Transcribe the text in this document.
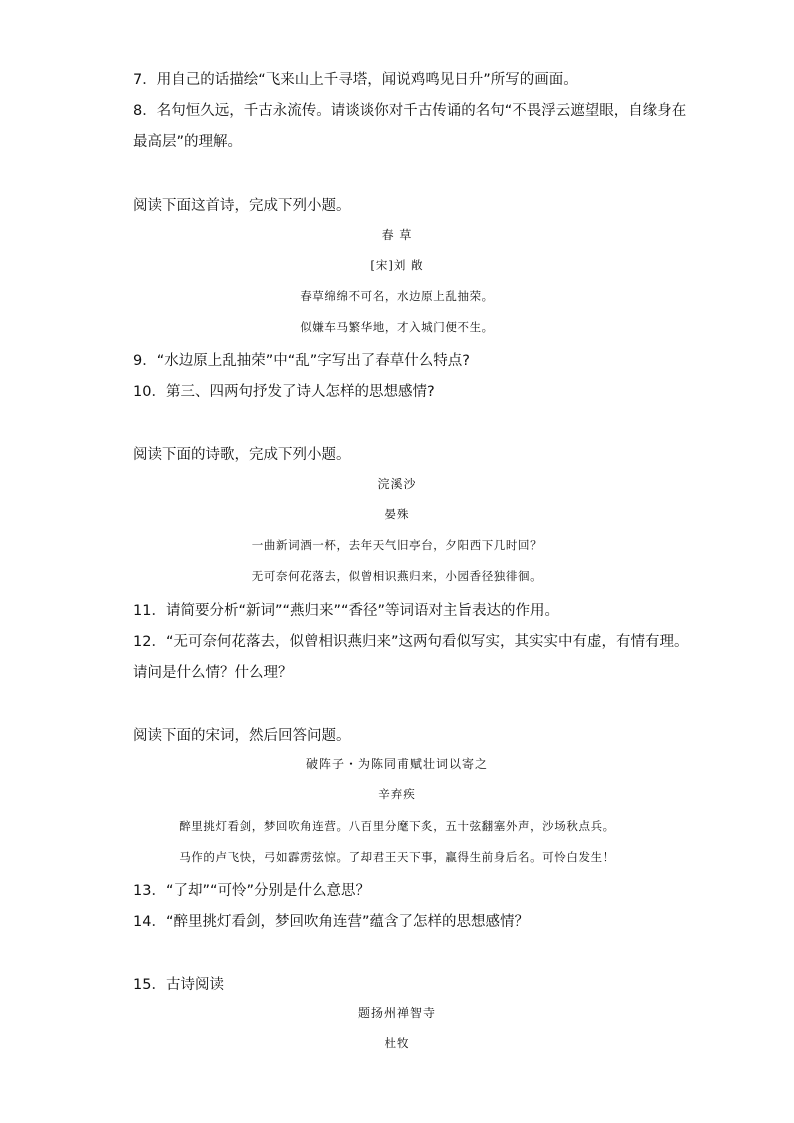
7．用自己的话描绘“飞来山上千寻塔，闻说鸡鸣见日升”所写的画面。
8．名句恒久远，千古永流传。请谈谈你对千古传诵的名句“不畏浮云遮望眼，自缘身在
最高层”的理解。
阅读下面这首诗，完成下列小题。
春 草
[宋]刘 敞
春草绵绵不可名，水边原上乱抽荣。
似嫌车马繁华地，才入城门便不生。
9．“水边原上乱抽荣”中“乱”字写出了春草什么特点?
10．第三、四两句抒发了诗人怎样的思想感情?
阅读下面的诗歌，完成下列小题。
浣溪沙
晏殊
一曲新词酒一杯，去年天气旧亭台，夕阳西下几时回？
无可奈何花落去，似曾相识燕归来，小园香径独徘徊。
11．请简要分析“新词”“燕归来”“香径”等词语对主旨表达的作用。
12．“无可奈何花落去，似曾相识燕归来”这两句看似写实，其实实中有虚，有情有理。
请问是什么情？什么理？
阅读下面的宋词，然后回答问题。
破阵子・为陈同甫赋壮词以寄之
辛弃疾
醉里挑灯看剑，梦回吹角连营。八百里分麾下炙，五十弦翻塞外声，沙场秋点兵。
马作的卢飞快，弓如霹雳弦惊。了却君王天下事，赢得生前身后名。可怜白发生！
13．“了却”“可怜”分别是什么意思？
14．“醉里挑灯看剑，梦回吹角连营”蕴含了怎样的思想感情？
15．古诗阅读
题扬州禅智寺
杜牧
